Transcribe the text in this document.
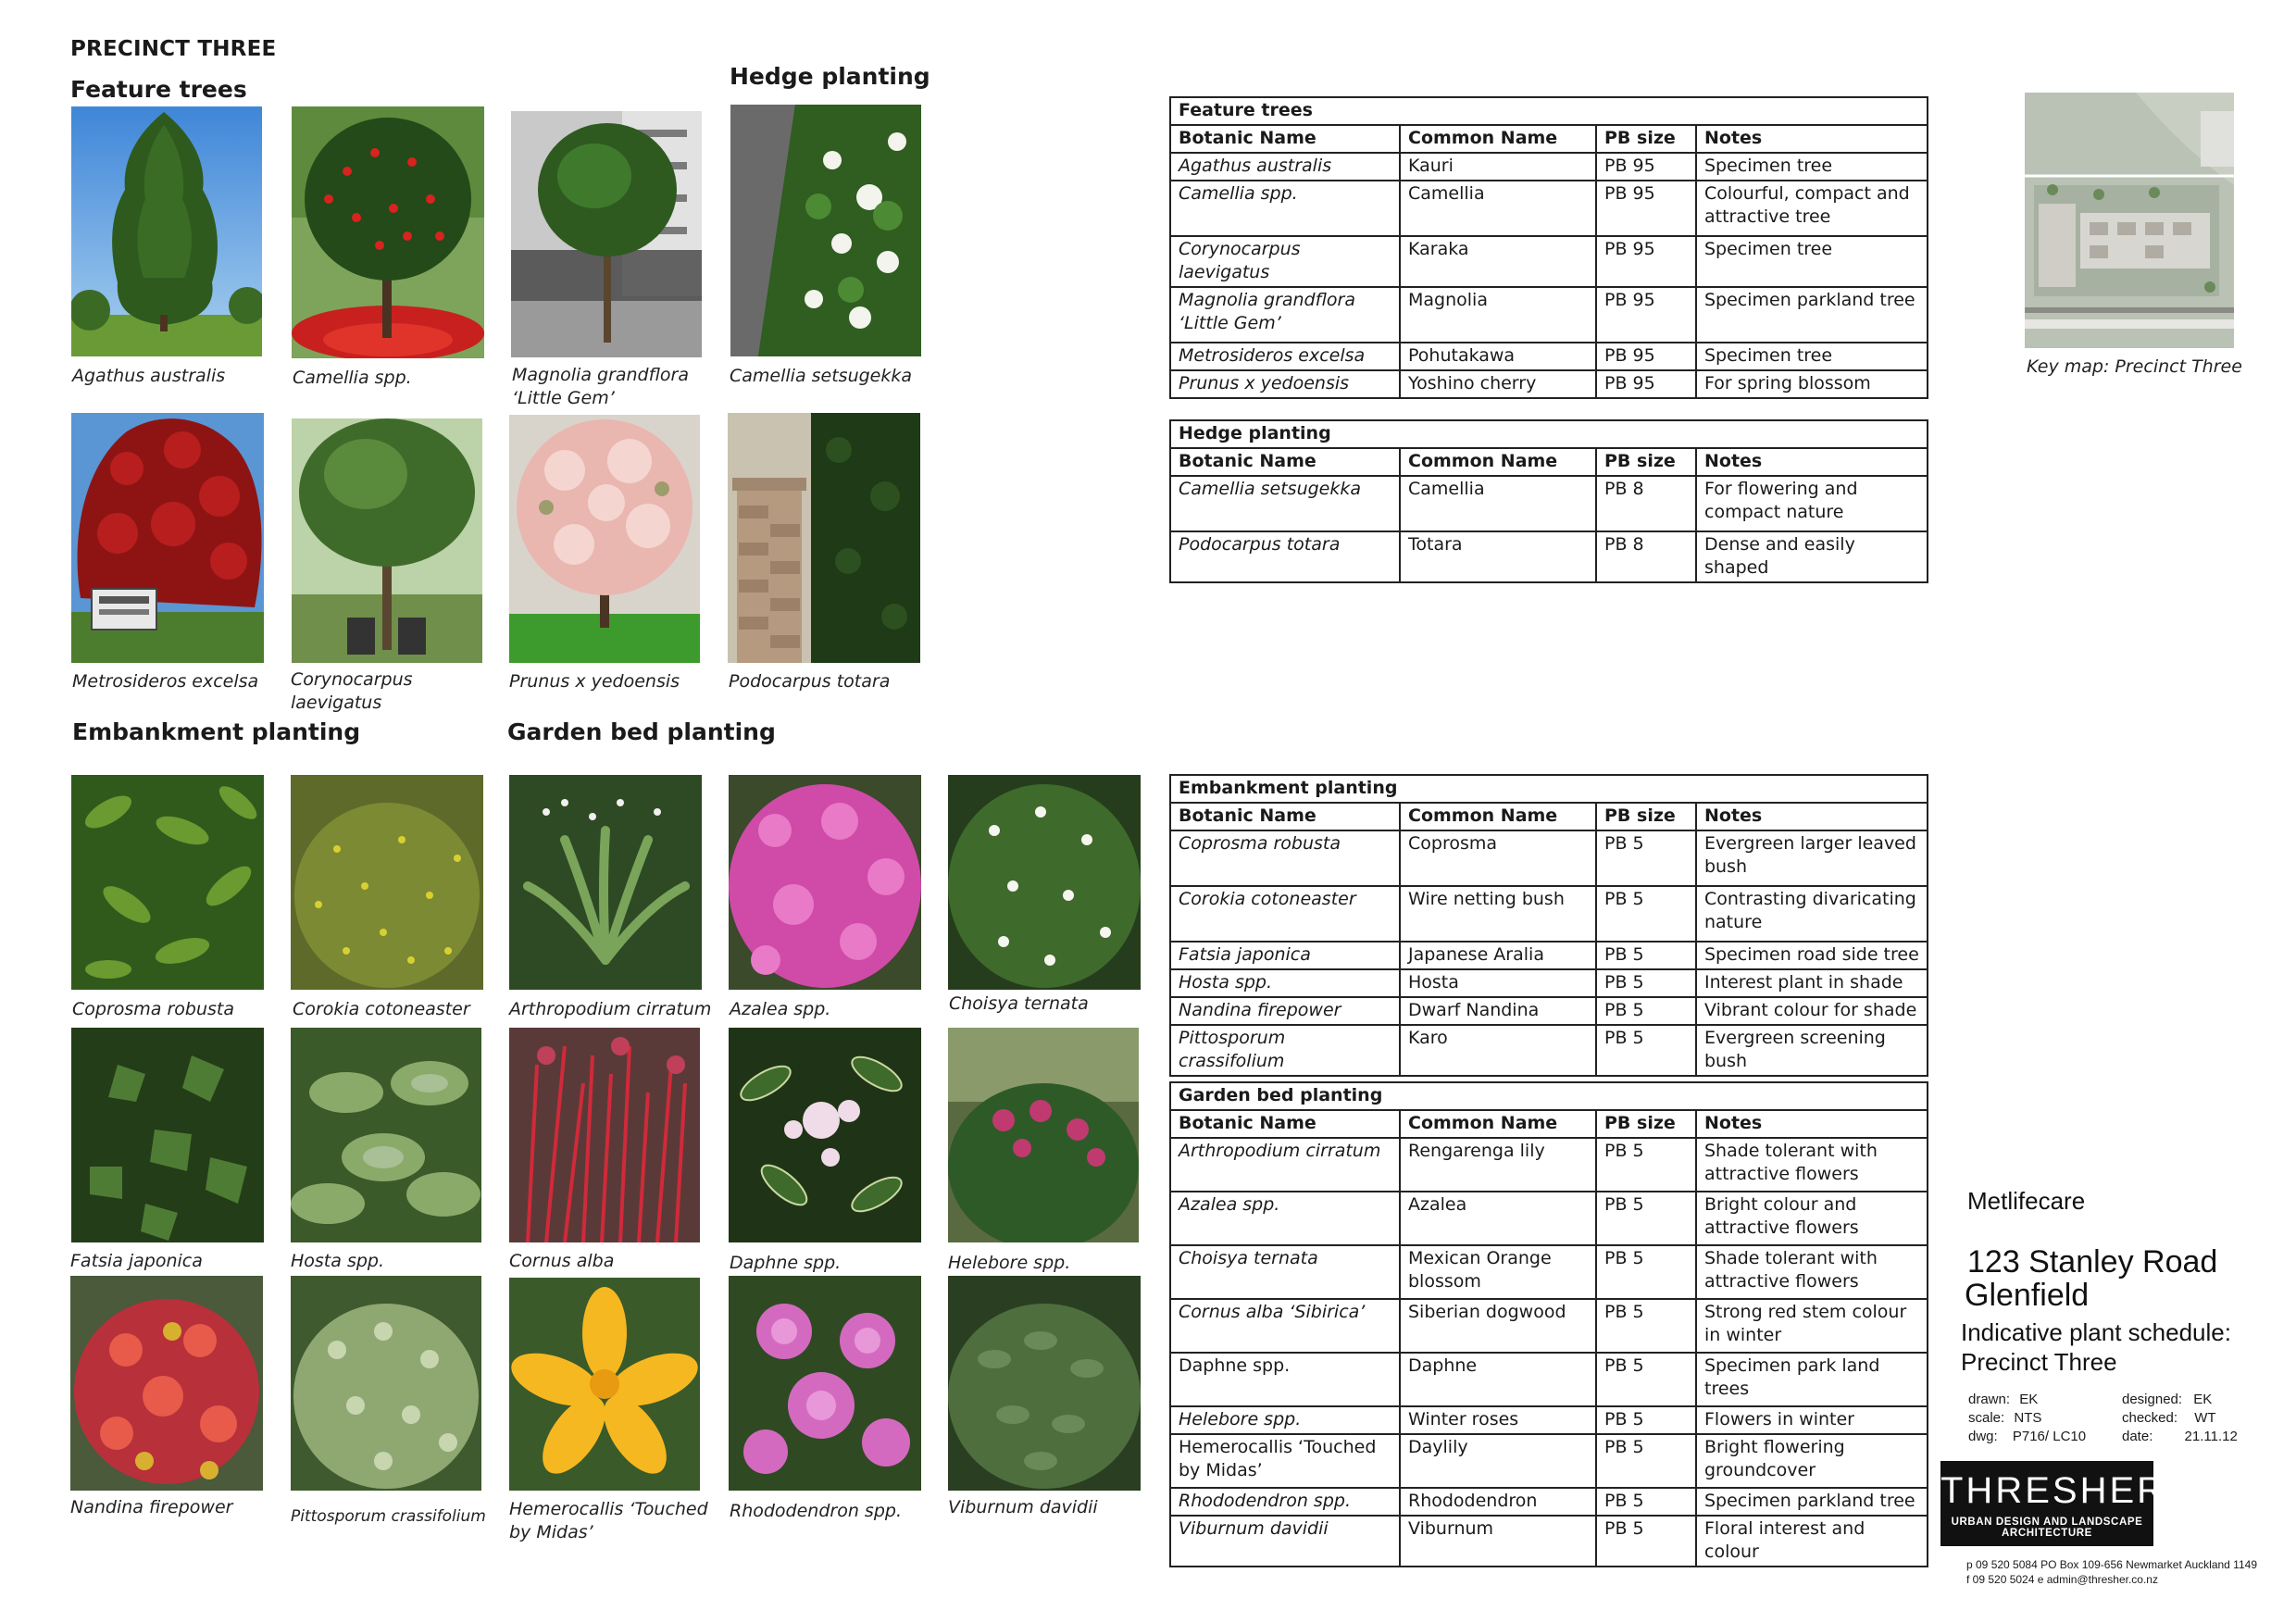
PRECINCT THREE
Feature trees	Hedge planting
Embankment planting	Garden bed planting
Agathus australis	Camellia spp.	Magnolia grandflora ‘Little Gem’
Metrosideros excelsa Corynocarpus laevigatus
Prunus x yedoensis
Camellia setsugekka
Podocarpus totara
Coprosma robusta	Corokia cotoneaster
Fatsia japonica	Hosta spp.
Nandina firepower	Pittosporum crassifolium
Arthropodium cirratum Azalea spp.	Choisya ternata
Cornus alba	Daphne spp.	Helebore spp.
Hemerocallis ‘Touched by Midas’
Rhododendron spp.	Viburnum davidii
Feature trees			
Botanic Name	Common Name	PB size	Notes
Agathus australis	Kauri	PB 95	Specimen tree
Camellia spp.	Camellia	PB 95	Colourful, compact and attractive tree
Corynocarpus laevigatus	Karaka	PB 95	Specimen tree
Magnolia grandflora ‘Little Gem’	Magnolia	PB 95	Specimen parkland tree
Metrosideros excelsa	Pohutakawa	PB 95	Specimen tree
Prunus x yedoensis	Yoshino cherry	PB 95	For spring blossom
Hedge planting			
Botanic Name	Common Name	PB size	Notes
Camellia setsugekka	Camellia	PB 8	For flowering and compact nature
Podocarpus totara	Totara	PB 8	Dense and easily shaped
Embankment planting			
Botanic Name	Common Name	PB size	Notes
Coprosma robusta	Coprosma	PB 5	Evergreen larger leaved bush
Corokia cotoneaster	Wire netting bush	PB 5	Contrasting divaricating nature
Fatsia japonica	Japanese Aralia	PB 5	Specimen road side tree
Hosta spp.	Hosta	PB 5	Interest plant in shade
Nandina firepower	Dwarf Nandina	PB 5	Vibrant colour for shade
Pittosporum crassifolium	Karo	PB 5	Evergreen screening bush
Garden bed planting			
Botanic Name	Common Name	PB size	Notes
Arthropodium cirratum	Rengarenga lily	PB 5	Shade tolerant with attractive flowers
Azalea spp.	Azalea	PB 5	Bright colour and attractive flowers
Choisya ternata	Mexican Orange blossom	PB 5	Shade tolerant with attractive flowers
Cornus alba ‘Sibirica’	Siberian dogwood	PB 5	Strong red stem colour in winter
Daphne spp.	Daphne	PB 5	Specimen park land trees
Helebore spp.	Winter roses	PB 5	Flowers in winter
Hemerocallis ‘Touched by Midas’	Daylily	PB 5	Bright flowering groundcover
Rhododendron spp.	Rhododendron	PB 5	Specimen parkland tree
Viburnum davidii	Viburnum	PB 5	Floral interest and colour
Key map: Precinct Three
Metlifecare
123 Stanley Road
Glenfield
Indicative plant schedule:
Precinct Three
drawn: EK
scale: NTS
dwg: P716/ LC10
designed: EK
checked: WT
date: 21.11.12
THRESHER
URBAN DESIGN AND LANDSCAPE ARCHITECTURE
p 09 520 5084 PO Box 109-656 Newmarket Auckland 1149
f 09 520 5024 e admin@thresher.co.nz
